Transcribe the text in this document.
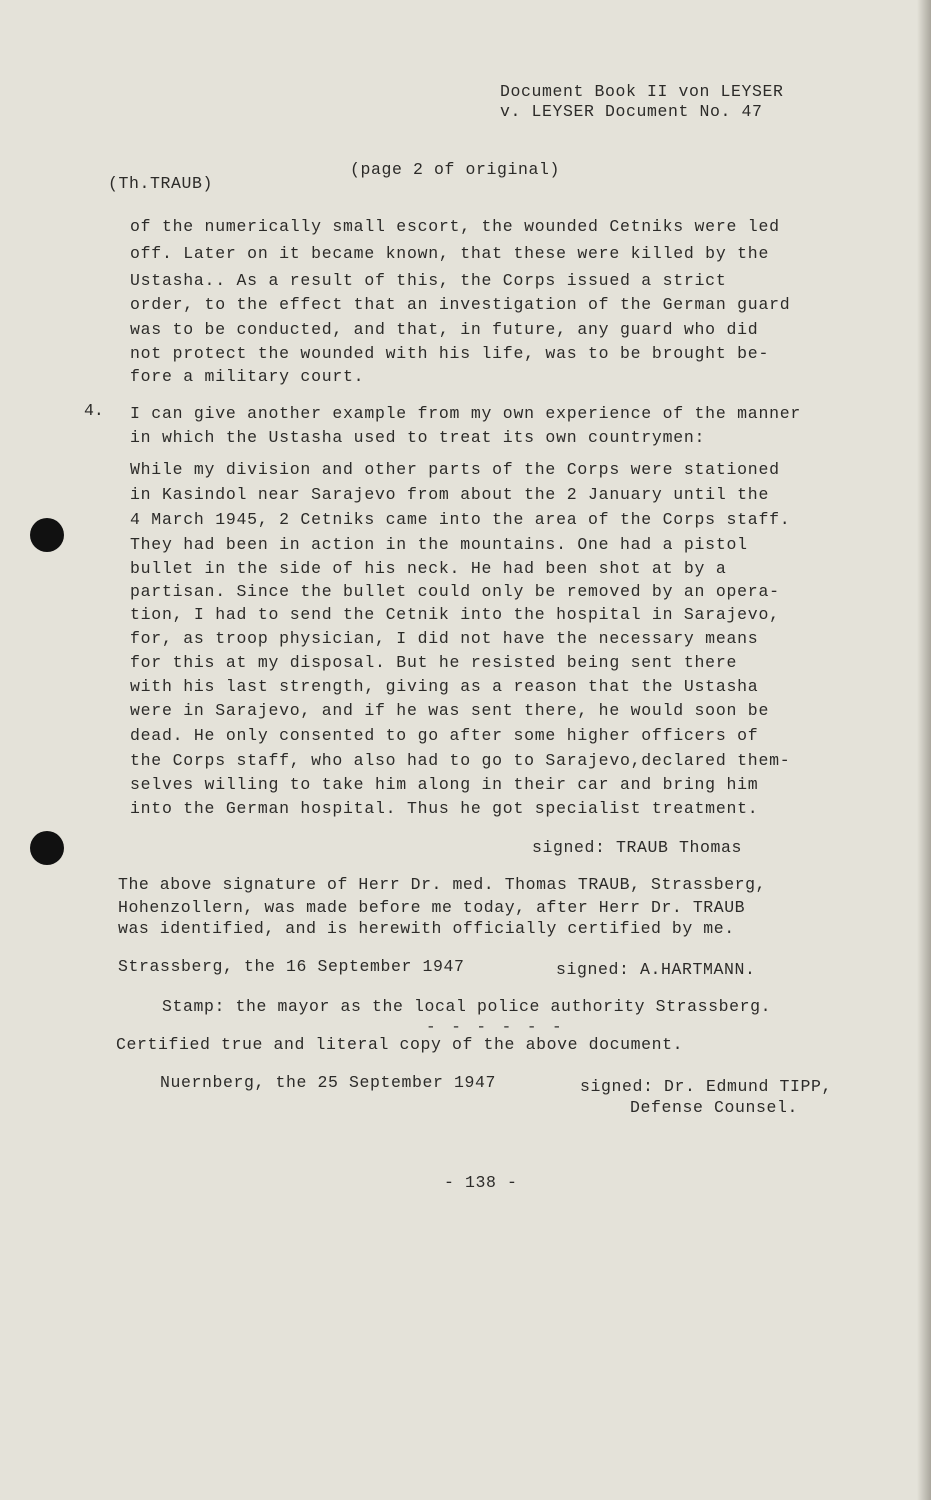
Document Book II von LEYSER
v. LEYSER Document No. 47
(Th.TRAUB)
(page 2 of original)
of the numerically small escort, the wounded Cetniks were led
off. Later on it became known, that these were killed by the
Ustasha.. As a result of this, the Corps issued a strict
order, to the effect that an investigation of the German guard
was to be conducted, and that, in future, any guard who did
not protect the wounded with his life, was to be brought be-
fore a military court.
4. I can give another example from my own experience of the manner
in which the Ustasha used to treat its own countrymen:
While my division and other parts of the Corps were stationed
in Kasindol near Sarajevo from about the 2 January until the
4 March 1945, 2 Cetniks came into the area of the Corps staff.
They had been in action in the mountains. One had a pistol
bullet in the side of his neck. He had been shot at by a
partisan. Since the bullet could only be removed by an opera-
tion, I had to send the Cetnik into the hospital in Sarajevo,
for, as troop physician, I did not have the necessary means
for this at my disposal. But he resisted being sent there
with his last strength, giving as a reason that the Ustasha
were in Sarajevo, and if he was sent there, he would soon be
dead. He only consented to go after some higher officers of
the Corps staff, who also had to go to Sarajevo,declared them-
selves willing to take him along in their car and bring him
into the German hospital. Thus he got specialist treatment.
signed: TRAUB Thomas
The above signature of Herr Dr. med. Thomas TRAUB, Strassberg,
Hohenzollern, was made before me today, after Herr Dr. TRAUB
was identified, and is herewith officially certified by me.
Strassberg, the 16 September 1947	signed: A.HARTMANN.
Stamp: the mayor as the local police authority Strassberg.
- - - - - -
Certified true and literal copy of the above document.
Nuernberg, the 25 September 1947	signed: Dr. Edmund TIPP,
Defense Counsel.
- 138 -
